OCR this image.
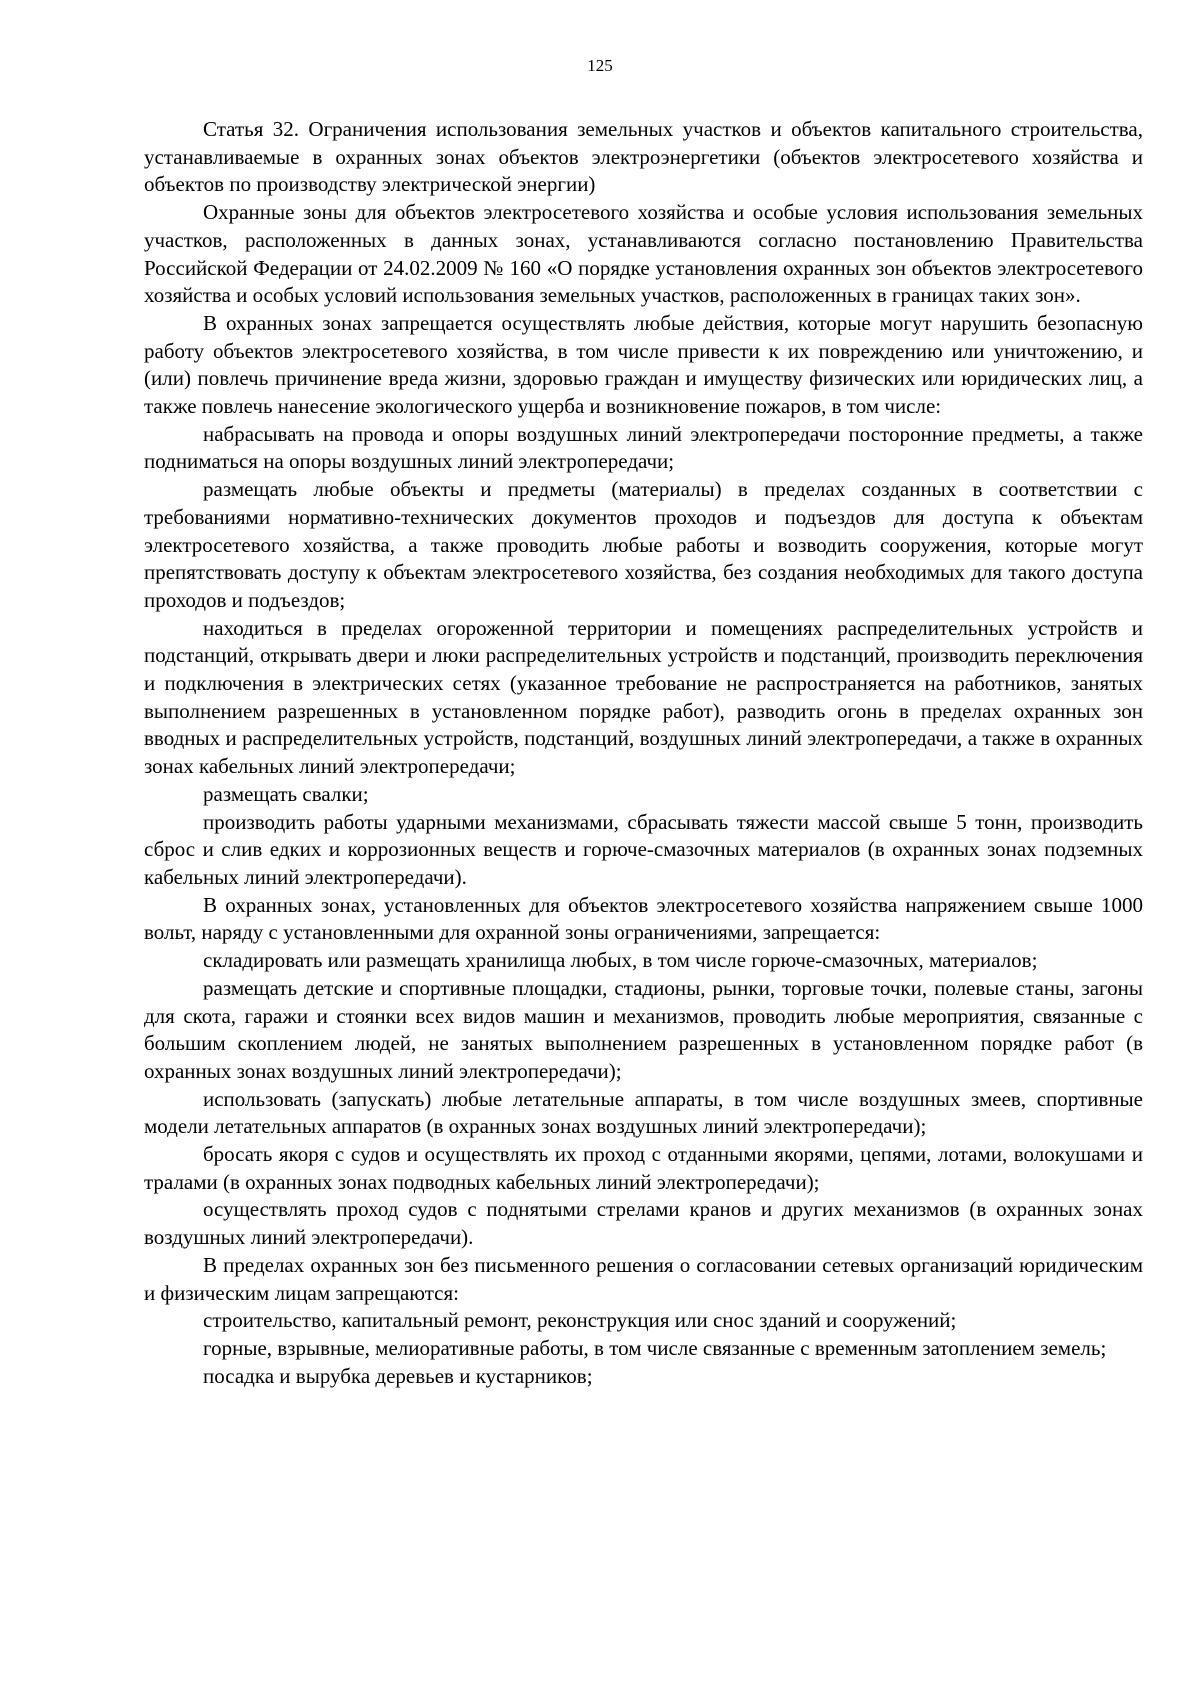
125

Статья 32. Ограничения использования земельных участков и объектов капитального строительства, устанавливаемые в охранных зонах объектов электроэнергетики (объектов электросетевого хозяйства и объектов по производству электрической энергии)

Охранные зоны для объектов электросетевого хозяйства и особые условия использования земельных участков, расположенных в данных зонах, устанавливаются согласно постановлению Правительства Российской Федерации от 24.02.2009 № 160 «О порядке установления охранных зон объектов электросетевого хозяйства и особых условий использования земельных участков, расположенных в границах таких зон».

В охранных зонах запрещается осуществлять любые действия, которые могут нарушить безопасную работу объектов электросетевого хозяйства, в том числе привести к их повреждению или уничтожению, и (или) повлечь причинение вреда жизни, здоровью граждан и имуществу физических или юридических лиц, а также повлечь нанесение экологического ущерба и возникновение пожаров, в том числе:

набрасывать на провода и опоры воздушных линий электропередачи посторонние предметы, а также подниматься на опоры воздушных линий электропередачи;

размещать любые объекты и предметы (материалы) в пределах созданных в соответствии с требованиями нормативно-технических документов проходов и подъездов для доступа к объектам электросетевого хозяйства, а также проводить любые работы и возводить сооружения, которые могут препятствовать доступу к объектам электросетевого хозяйства, без создания необходимых для такого доступа проходов и подъездов;

находиться в пределах огороженной территории и помещениях распределительных устройств и подстанций, открывать двери и люки распределительных устройств и подстанций, производить переключения и подключения в электрических сетях (указанное требование не распространяется на работников, занятых выполнением разрешенных в установленном порядке работ), разводить огонь в пределах охранных зон вводных и распределительных устройств, подстанций, воздушных линий электропередачи, а также в охранных зонах кабельных линий электропередачи;

размещать свалки;

производить работы ударными механизмами, сбрасывать тяжести массой свыше 5 тонн, производить сброс и слив едких и коррозионных веществ и горюче-смазочных материалов (в охранных зонах подземных кабельных линий электропередачи).

В охранных зонах, установленных для объектов электросетевого хозяйства напряжением свыше 1000 вольт, наряду с установленными для охранной зоны ограничениями, запрещается:

складировать или размещать хранилища любых, в том числе горюче-смазочных, материалов;

размещать детские и спортивные площадки, стадионы, рынки, торговые точки, полевые станы, загоны для скота, гаражи и стоянки всех видов машин и механизмов, проводить любые мероприятия, связанные с большим скоплением людей, не занятых выполнением разрешенных в установленном порядке работ (в охранных зонах воздушных линий электропередачи);

использовать (запускать) любые летательные аппараты, в том числе воздушных змеев, спортивные модели летательных аппаратов (в охранных зонах воздушных линий электропередачи);

бросать якоря с судов и осуществлять их проход с отданными якорями, цепями, лотами, волокушами и тралами (в охранных зонах подводных кабельных линий электропередачи);

осуществлять проход судов с поднятыми стрелами кранов и других механизмов (в охранных зонах воздушных линий электропередачи).

В пределах охранных зон без письменного решения о согласовании сетевых организаций юридическим и физическим лицам запрещаются:

строительство, капитальный ремонт, реконструкция или снос зданий и сооружений;

горные, взрывные, мелиоративные работы, в том числе связанные с временным затоплением земель;

посадка и вырубка деревьев и кустарников;
